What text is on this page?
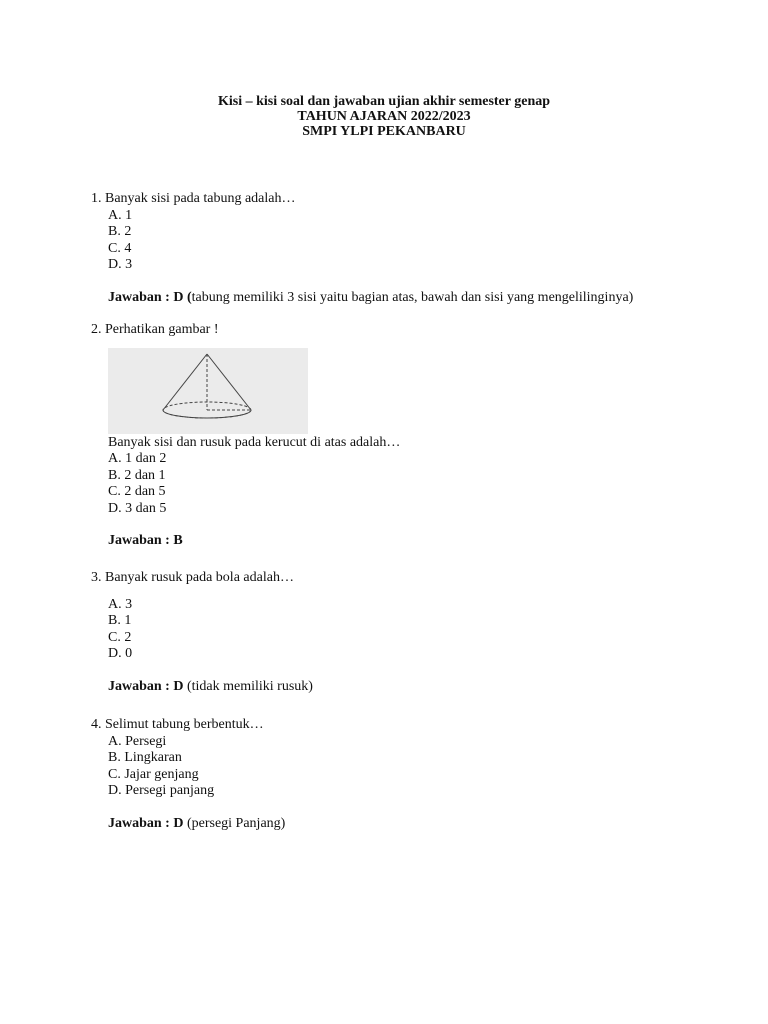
Kisi – kisi soal dan jawaban ujian akhir semester genap
TAHUN AJARAN 2022/2023
SMPI YLPI PEKANBARU
1. Banyak sisi pada tabung adalah…
A. 1
B. 2
C. 4
D. 3
Jawaban : D (tabung memiliki 3 sisi yaitu bagian atas, bawah dan sisi yang mengelilinginya)
2. Perhatikan gambar !
Banyak sisi dan rusuk pada kerucut di atas adalah…
A. 1 dan 2
B. 2 dan 1
C. 2 dan 5
D. 3 dan 5
Jawaban : B
3. Banyak rusuk pada bola adalah…
A. 3
B. 1
C. 2
D. 0
Jawaban : D (tidak memiliki rusuk)
4. Selimut tabung berbentuk…
A. Persegi
B. Lingkaran
C. Jajar genjang
D. Persegi panjang
Jawaban : D (persegi Panjang)
